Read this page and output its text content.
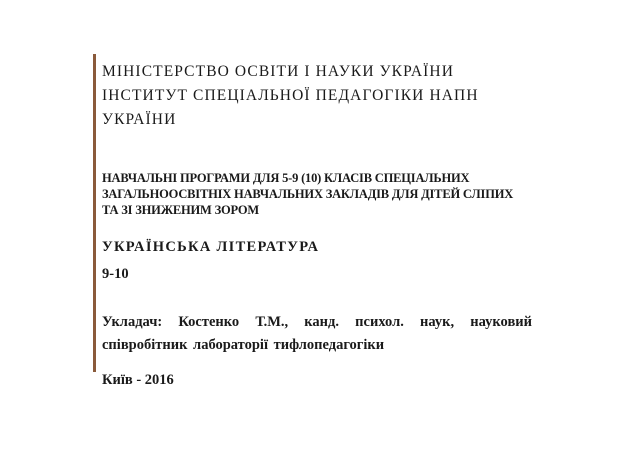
МІНІСТЕРСТВО ОСВІТИ І НАУКИ УКРАЇНИ
ІНСТИТУТ СПЕЦІАЛЬНОЇ ПЕДАГОГІКИ НАПН
УКРАЇНИ
НАВЧАЛЬНІ ПРОГРАМИ ДЛЯ 5-9 (10) КЛАСІВ СПЕЦІАЛЬНИХ ЗАГАЛЬНООСВІТНІХ НАВЧАЛЬНИХ ЗАКЛАДІВ ДЛЯ ДІТЕЙ СЛІПИХ ТА ЗІ ЗНИЖЕНИМ ЗОРОМ
УКРАЇНСЬКА ЛІТЕРАТУРА
9-10
Укладач: Костенко Т.М., канд. психол. наук, науковий співробітник лабораторії тифлопедагогіки
Київ - 2016
